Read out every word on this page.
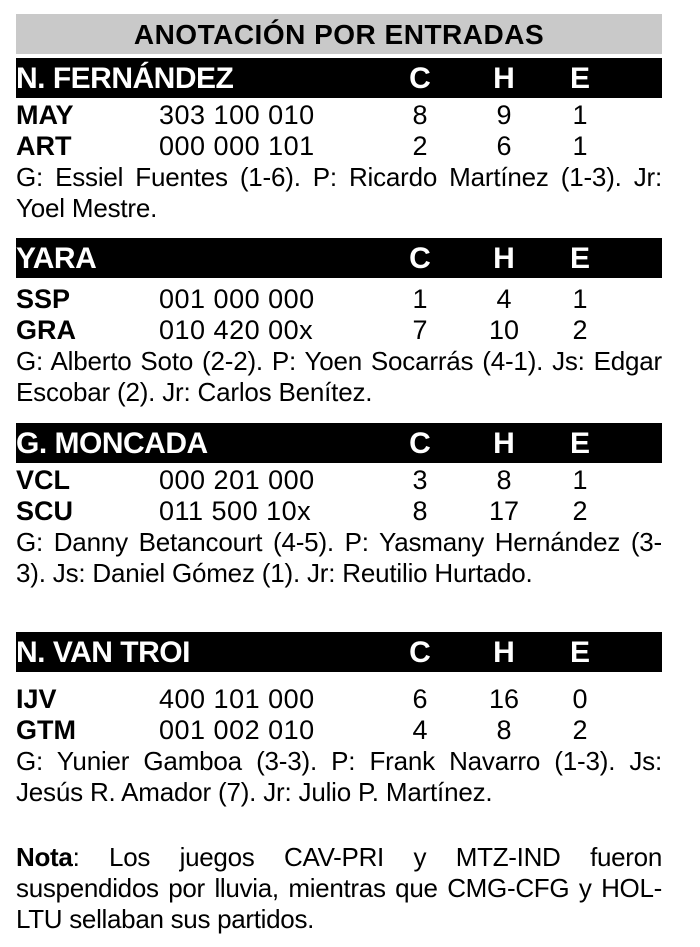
ANOTACIÓN POR ENTRADAS
N. FERNÁNDEZ	C	H	E
MAY	303 100 010	8	9	1
ART	000 000 101	2	6	1
G: Essiel Fuentes (1-6). P: Ricardo Martínez (1-3). Jr: Yoel Mestre.
YARA	C	H	E
SSP	001 000 000	1	4	1
GRA	010 420 00x	7	10	2
G: Alberto Soto (2-2). P: Yoen Socarrás (4-1). Js: Edgar Escobar (2). Jr: Carlos Benítez.
G. MONCADA	C	H	E
VCL	000 201 000	3	8	1
SCU	011 500 10x	8	17	2
G: Danny Betancourt (4-5). P: Yasmany Hernández (3-3). Js: Daniel Gómez (1). Jr: Reutilio Hurtado.
N. VAN TROI	C	H	E
IJV	400 101 000	6	16	0
GTM	001 002 010	4	8	2
G: Yunier Gamboa (3-3). P: Frank Navarro (1-3). Js: Jesús R. Amador (7). Jr: Julio P. Martínez.
Nota: Los juegos CAV-PRI y MTZ-IND fueron suspendidos por lluvia, mientras que CMG-CFG y HOL-LTU sellaban sus partidos.
